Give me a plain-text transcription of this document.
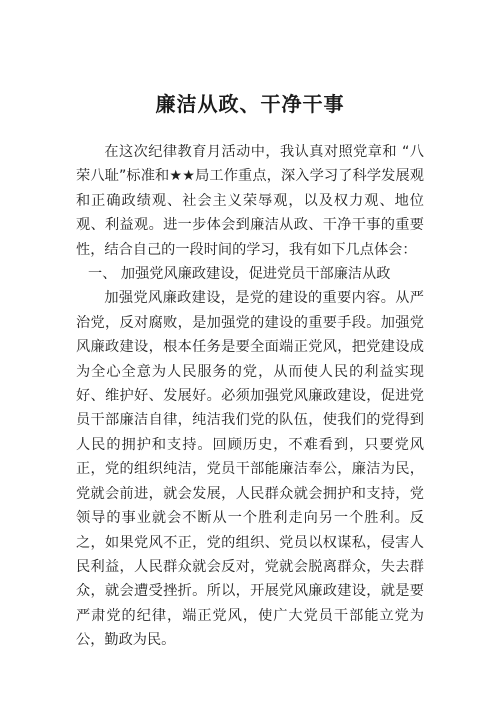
廉洁从政、干净干事

在这次纪律教育月活动中，我认真对照党章和 “八荣八耻”标准和★★局工作重点，深入学习了科学发展观和正确政绩观、社会主义荣辱观，以及权力观、地位观、利益观。进一步体会到廉洁从政、干净干事的重要性，结合自己的一段时间的学习，我有如下几点体会：

一、 加强党风廉政建设，促进党员干部廉洁从政

加强党风廉政建设，是党的建设的重要内容。从严治党，反对腐败，是加强党的建设的重要手段。加强党风廉政建设，根本任务是要全面端正党风，把党建设成为全心全意为人民服务的党，从而使人民的利益实现好、维护好、发展好。必须加强党风廉政建设，促进党员干部廉洁自律，纯洁我们党的队伍，使我们的党得到人民的拥护和支持。回顾历史，不难看到，只要党风正，党的组织纯洁，党员干部能廉洁奉公，廉洁为民，党就会前进，就会发展，人民群众就会拥护和支持，党领导的事业就会不断从一个胜利走向另一个胜利。反之，如果党风不正，党的组织、党员以权谋私，侵害人民利益，人民群众就会反对，党就会脱离群众，失去群众，就会遭受挫折。所以，开展党风廉政建设，就是要严肃党的纪律，端正党风，使广大党员干部能立党为公，勤政为民。
